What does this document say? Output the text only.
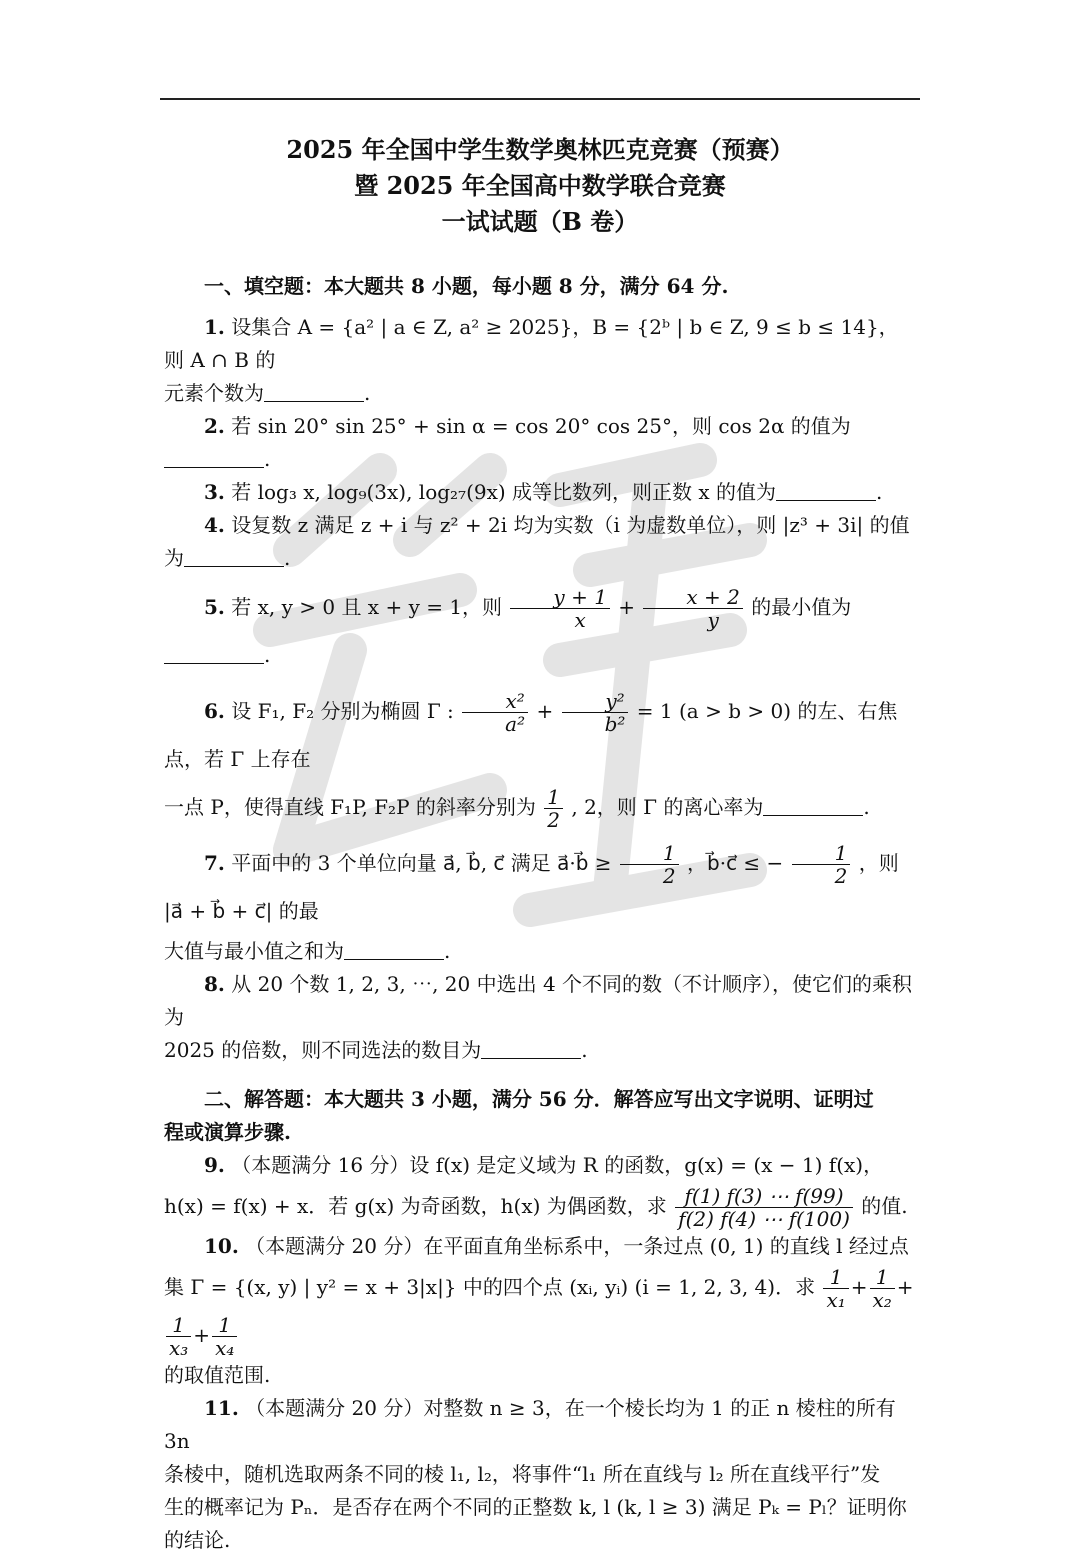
2025 年全国中学生数学奥林匹克竞赛（预赛）
暨 2025 年全国高中数学联合竞赛
一试试题（B 卷）

一、填空题：本大题共 8 小题，每小题 8 分，满分 64 分.

1. 设集合 A = {a² | a ∈ Z, a² ≥ 2025}，B = {2ᵇ | b ∈ Z, 9 ≤ b ≤ 14}，则 A ∩ B 的

元素个数为	.

2. 若 sin 20° sin 25° + sin α = cos 20° cos 25°，则 cos 2α 的值为.

3. 若 log₃ x, log₉(3x), log₂₇(9x) 成等比数列，则正数 x 的值为	.

4. 设复数 z 满足 z + i 与 z² + 2i 均为实数（i 为虚数单位），则 |z³ + 3i| 的值

为	.

5. 若 x, y > 0 且 x + y = 1，则 $\frac{y + 1}{x} + \frac{x + 2}{y}$ 的最小值为.

6. 设 F₁, F₂ 分别为椭圆 Γ : $\frac{\text{x²}}{\text{a²}} + \frac{\text{y²}}{\text{b²}} = 1$ (a > b > 0) 的左、右焦点，若 Γ 上存在

一点 P，使得直线 F₁P, F₂P 的斜率分别为 $\frac{1}{2}$ , 2，则 Γ 的离心率为	.

7. 平面中的 3 个单位向量 a⃗, b⃗, c⃗ 满足 a⃗·b⃗ ≥ $\frac{1}{2}$ ，b⃗·c⃗ ≤ − $\frac{1}{2}$ ，则 |a⃗ + b⃗ + c⃗| 的最

大值与最小值之和为	.

8. 从 20 个数 1, 2, 3, ⋯, 20 中选出 4 个不同的数（不计顺序），使它们的乘积为

2025 的倍数，则不同选法的数目为	.

二、解答题：本大题共 3 小题，满分 56 分．解答应写出文字说明、证明过

程或演算步骤.

9. （本题满分 16 分）设 f(x) 是定义域为 R 的函数，g(x) = (x − 1) f(x)，

h(x) = f(x) + x．若 g(x) 为奇函数，h(x) 为偶函数，求 $\frac{f(1) f(3) \cdots f(99)}{f(2) f(4) \cdots f(100)}$ 的值.

10. （本题满分 20 分）在平面直角坐标系中，一条过点 (0, 1) 的直线 l 经过点

集 Γ = {(x, y) | y² = x + 3|x|} 中的四个点 (xᵢ, yᵢ) (i = 1, 2, 3, 4)．求 $\frac{1}{\text{x₁}} + \frac{1}{\text{x₂}}$ +
$\frac{1}{\text{x₃}} + \frac{1}{\text{x₄}}$

的取值范围.

11. （本题满分 20 分）对整数 n ≥ 3，在一个棱长均为 1 的正 n 棱柱的所有 3n

条棱中，随机选取两条不同的棱 l₁, l₂，将事件“l₁ 所在直线与 l₂ 所在直线平行”发

生的概率记为 Pₙ．是否存在两个不同的正整数 k, l (k, l ≥ 3) 满足 Pₖ = Pₗ？证明你

的结论.
